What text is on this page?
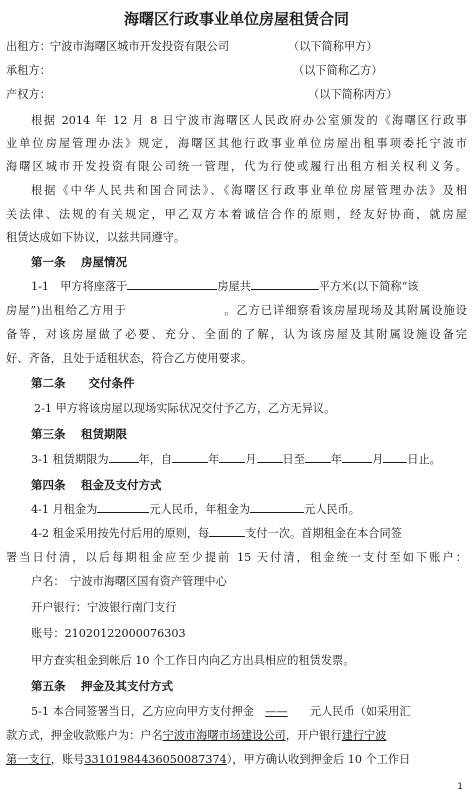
海曙区行政事业单位房屋租赁合同
出租方： 宁波市海曙区城市开发投资有限公司	（以下简称甲方）
承租方：	（以下简称乙方）
产权方：	（以下简称丙方）
根据 2014 年 12 月 8 日宁波市海曙区人民政府办公室颁发的《海曙区行政事
业单位房屋管理办法》规定，海曙区其他行政事业单位房屋出租事项委托宁波市
海曙区城市开发投资有限公司统一管理，代为行使或履行出租方相关权利义务。
根据《中华人民共和国合同法》、《海曙区行政事业单位房屋管理办法》及相
关法律、法规的有关规定，甲乙双方本着诚信合作的原则，经友好协商，就房屋
租赁达成如下协议，以兹共同遵守。
第一条　 房屋情况
1-1　甲方将座落于	房屋共	平方米(以下简称“该
房屋”)出租给乙方用于　　　　　　　　。乙方已详细察看该房屋现场及其附属设施设
备等，对该房屋做了必要、充分、全面的了解，认为该房屋及其附属设施设备完
好、齐备，且处于适租状态，符合乙方使用要求。
第二条　　交付条件
2-1 甲方将该房屋以现场实际状况交付予乙方，乙方无异议。
第三条　 租赁期限
3-1 租赁期限为	年，自	年 月 日至 年	月 日止。
第四条　 租金及支付方式
4-1 月租金为	元人民币，年租金为	元人民币。
4-2 租金采用按先付后用的原则，每	支付一次。首期租金在本合同签
署当日付清，以后每期租金应至少提前 15 天付清，租金统一支付至如下账户：
户名：　宁波市海曙区国有资产管理中心
开户银行：宁波银行南门支行
账号：21020122000076303
甲方查实租金到帐后 10 个工作日内向乙方出具相应的租赁发票。
第五条　 押金及其支付方式
5-1 本合同签署当日，乙方应向甲方支付押金　 ——　　 元人民币（如采用汇
款方式，押金收款账户为：户名宁波市海曙市场建设公司，开户银行建行宁波
第一支行，账号33101984436050087374），甲方确认收到押金后 10 个工作日
1
